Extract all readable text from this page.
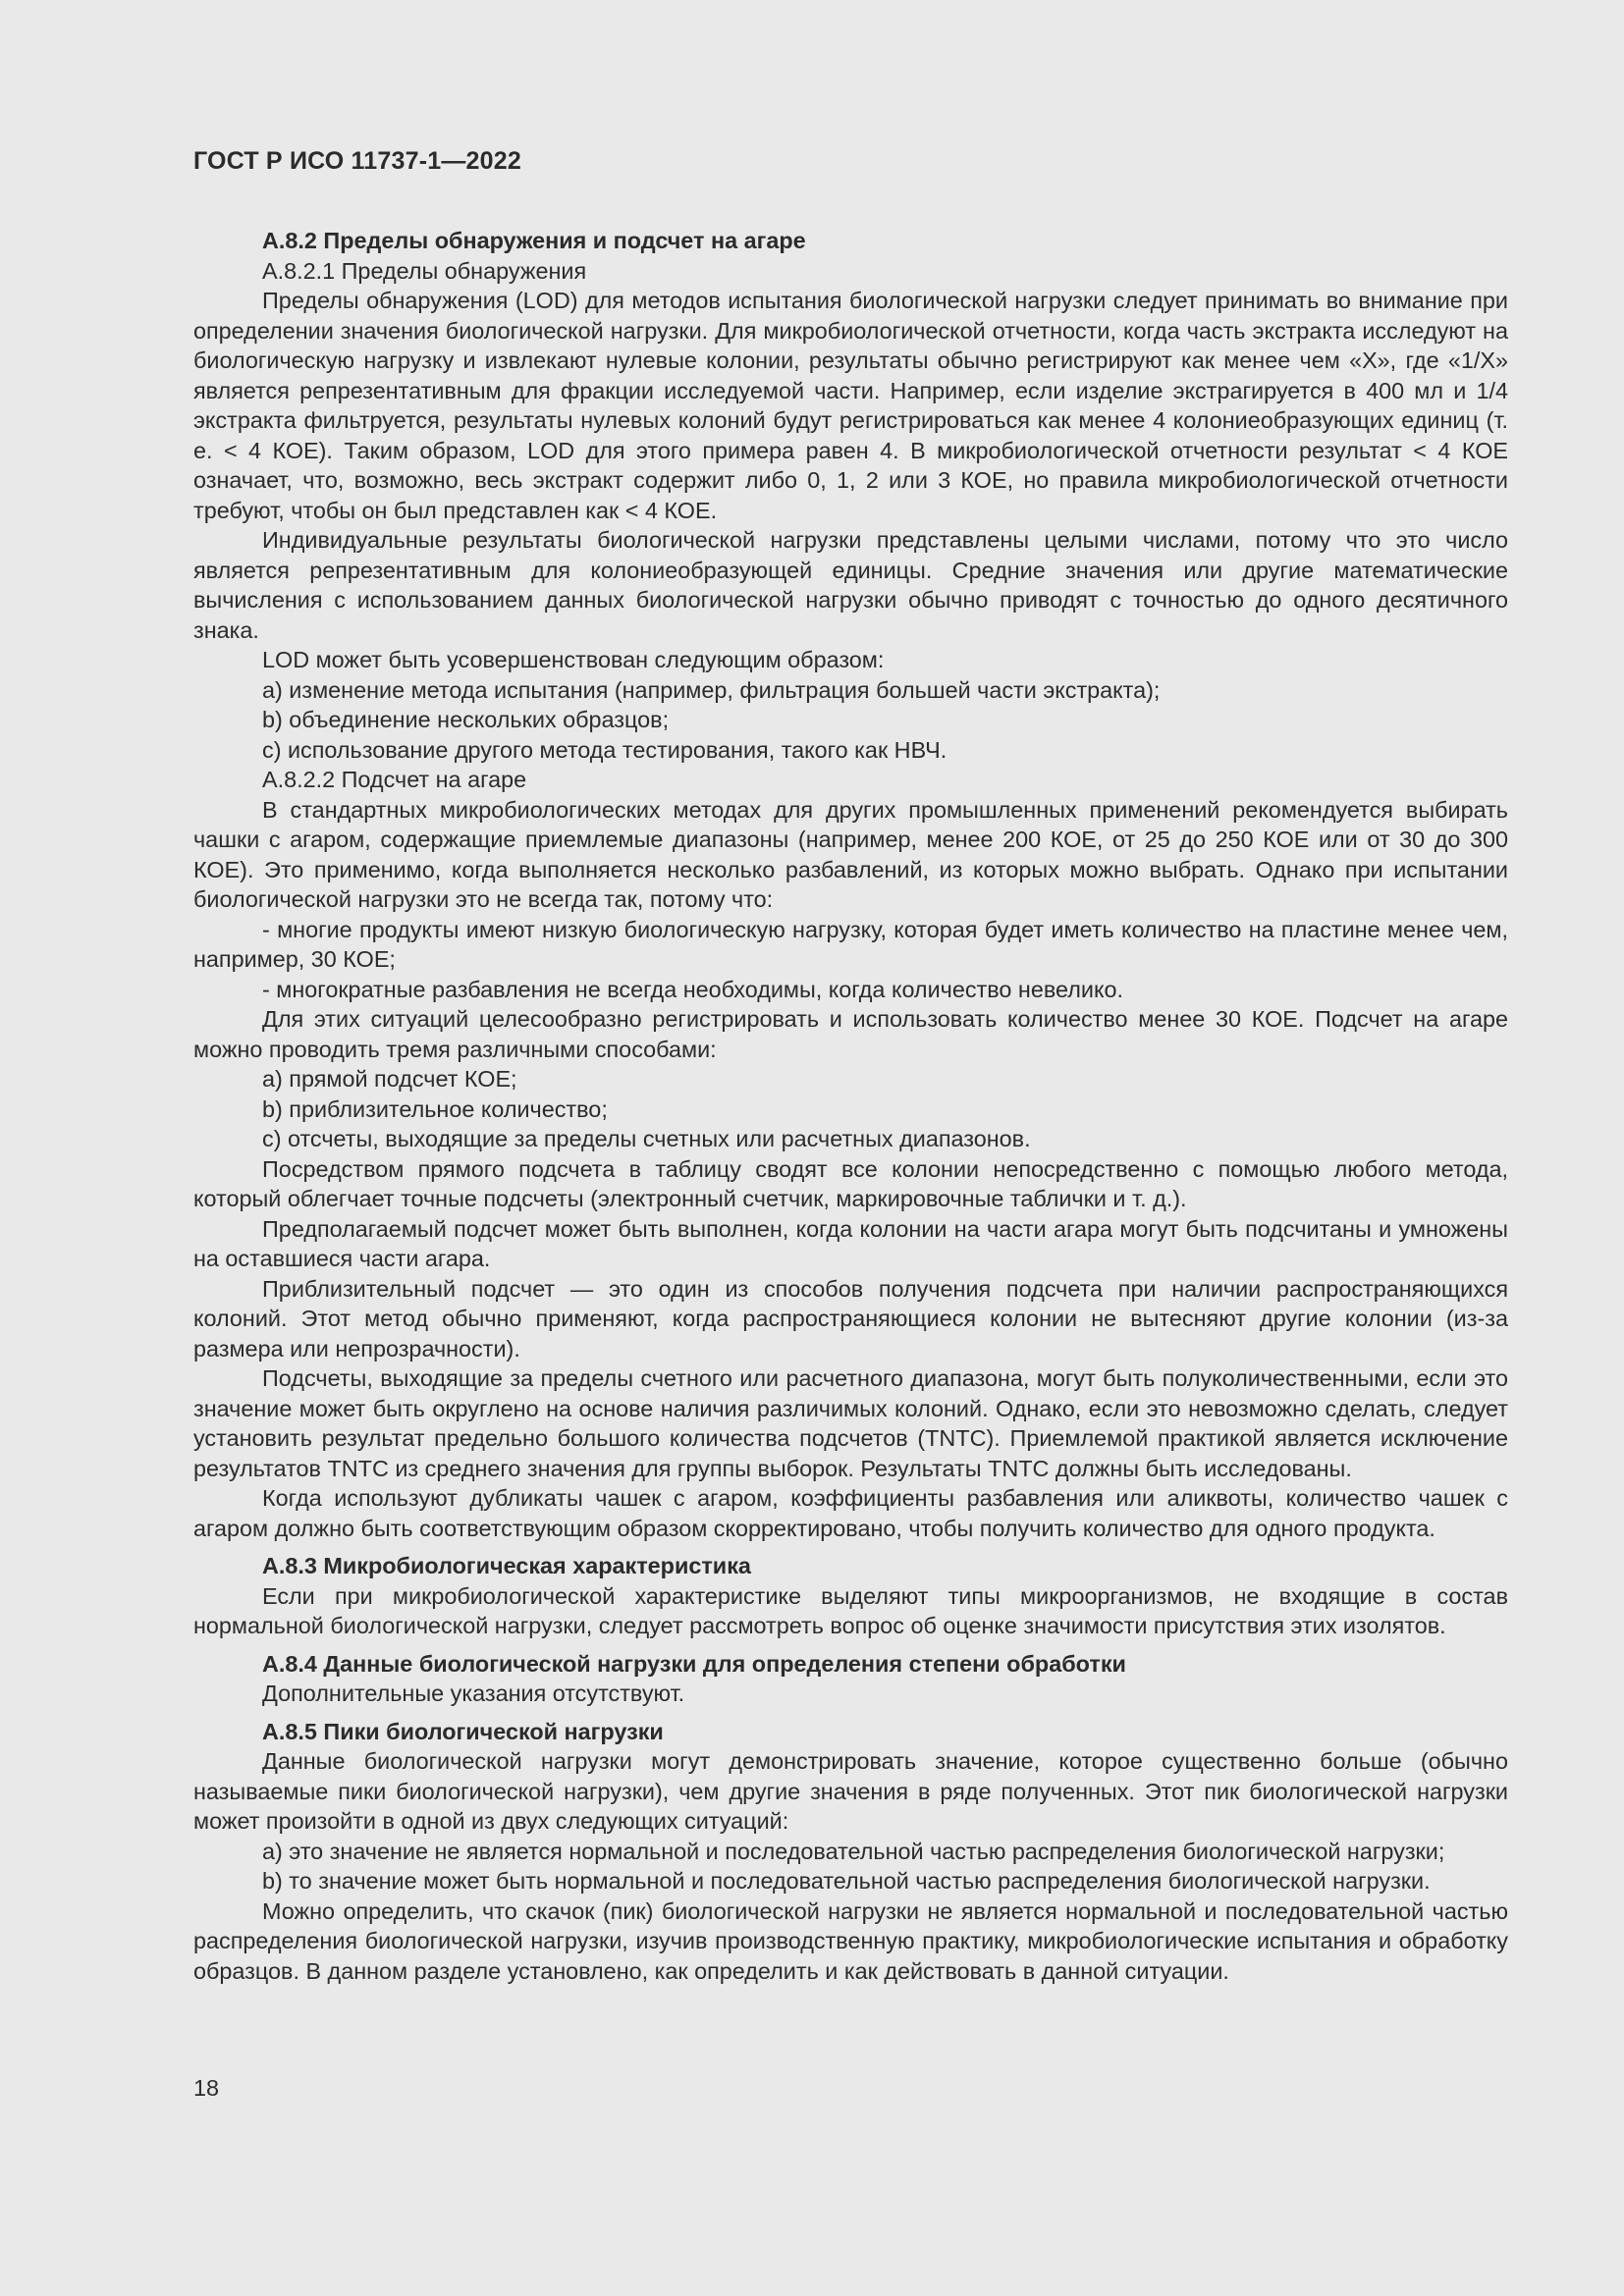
ГОСТ Р ИСО 11737-1—2022

А.8.2 Пределы обнаружения и подсчет на агаре

А.8.2.1 Пределы обнаружения

Пределы обнаружения (LOD) для методов испытания биологической нагрузки следует принимать во внимание при определении значения биологической нагрузки. Для микробиологической отчетности, когда часть экстракта исследуют на биологическую нагрузку и извлекают нулевые колонии, результаты обычно регистрируют как менее чем «X», где «1/X» является репрезентативным для фракции исследуемой части. Например, если изделие экстрагируется в 400 мл и 1/4 экстракта фильтруется, результаты нулевых колоний будут регистрироваться как менее 4 колониеобразующих единиц (т. е. < 4 КОЕ). Таким образом, LOD для этого примера равен 4. В микробиологической отчетности результат < 4 КОЕ означает, что, возможно, весь экстракт содержит либо 0, 1, 2 или 3 КОЕ, но правила микробиологической отчетности требуют, чтобы он был представлен как < 4 КОЕ.

Индивидуальные результаты биологической нагрузки представлены целыми числами, потому что это число является репрезентативным для колониеобразующей единицы. Средние значения или другие математические вычисления с использованием данных биологической нагрузки обычно приводят с точностью до одного десятичного знака.

LOD может быть усовершенствован следующим образом:

a) изменение метода испытания (например, фильтрация большей части экстракта);

b) объединение нескольких образцов;

c) использование другого метода тестирования, такого как НВЧ.

А.8.2.2 Подсчет на агаре

В стандартных микробиологических методах для других промышленных применений рекомендуется выбирать чашки с агаром, содержащие приемлемые диапазоны (например, менее 200 КОЕ, от 25 до 250 КОЕ или от 30 до 300 КОЕ). Это применимо, когда выполняется несколько разбавлений, из которых можно выбрать. Однако при испытании биологической нагрузки это не всегда так, потому что:

- многие продукты имеют низкую биологическую нагрузку, которая будет иметь количество на пластине менее чем, например, 30 КОЕ;

- многократные разбавления не всегда необходимы, когда количество невелико.

Для этих ситуаций целесообразно регистрировать и использовать количество менее 30 КОЕ. Подсчет на агаре можно проводить тремя различными способами:

a) прямой подсчет КОЕ;

b) приблизительное количество;

c) отсчеты, выходящие за пределы счетных или расчетных диапазонов.

Посредством прямого подсчета в таблицу сводят все колонии непосредственно с помощью любого метода, который облегчает точные подсчеты (электронный счетчик, маркировочные таблички и т. д.).

Предполагаемый подсчет может быть выполнен, когда колонии на части агара могут быть подсчитаны и умножены на оставшиеся части агара.

Приблизительный подсчет — это один из способов получения подсчета при наличии распространяющихся колоний. Этот метод обычно применяют, когда распространяющиеся колонии не вытесняют другие колонии (из-за размера или непрозрачности).

Подсчеты, выходящие за пределы счетного или расчетного диапазона, могут быть полуколичественными, если это значение может быть округлено на основе наличия различимых колоний. Однако, если это невозможно сделать, следует установить результат предельно большого количества подсчетов (TNTC). Приемлемой практикой является исключение результатов TNTC из среднего значения для группы выборок. Результаты TNTC должны быть исследованы.

Когда используют дубликаты чашек с агаром, коэффициенты разбавления или аликвоты, количество чашек с агаром должно быть соответствующим образом скорректировано, чтобы получить количество для одного продукта.

А.8.3 Микробиологическая характеристика

Если при микробиологической характеристике выделяют типы микроорганизмов, не входящие в состав нормальной биологической нагрузки, следует рассмотреть вопрос об оценке значимости присутствия этих изолятов.

А.8.4 Данные биологической нагрузки для определения степени обработки

Дополнительные указания отсутствуют.

А.8.5 Пики биологической нагрузки

Данные биологической нагрузки могут демонстрировать значение, которое существенно больше (обычно называемые пики биологической нагрузки), чем другие значения в ряде полученных. Этот пик биологической нагрузки может произойти в одной из двух следующих ситуаций:

a) это значение не является нормальной и последовательной частью распределения биологической нагрузки;

b) то значение может быть нормальной и последовательной частью распределения биологической нагрузки.

Можно определить, что скачок (пик) биологической нагрузки не является нормальной и последовательной частью распределения биологической нагрузки, изучив производственную практику, микробиологические испытания и обработку образцов. В данном разделе установлено, как определить и как действовать в данной ситуации.

18
